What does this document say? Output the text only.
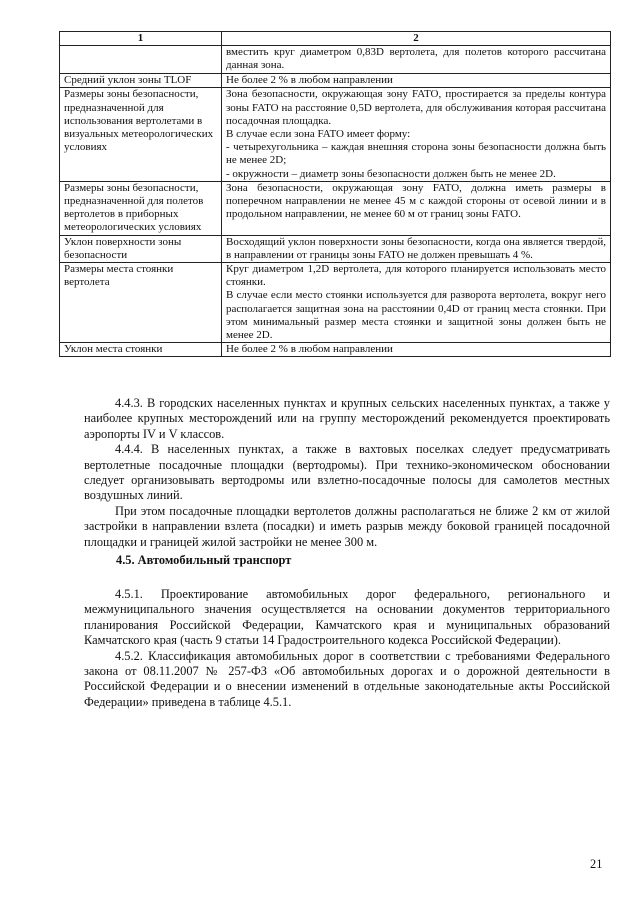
1	2
	вместить круг диаметром 0,83D вертолета, для полетов которого рассчитана данная зона.
Средний уклон зоны TLOF	Не более 2 % в любом направлении
Размеры зоны безопасности, предназначенной для использования вертолетами в визуальных метеорологических условиях	Зона безопасности, окружающая зону FATO, простирается за пределы контура зоны FATO на расстояние 0,5D вертолета, для обслуживания которая рассчитана посадочная площадка.
В случае если зона FATO имеет форму:
- четырехугольника – каждая внешняя сторона зоны безопасности должна быть не менее 2D;
- окружности – диаметр зоны безопасности должен быть не менее 2D.

Размеры зоны безопасности, предназначенной для полетов вертолетов в приборных метеорологических условиях	Зона безопасности, окружающая зону FATO, должна иметь размеры в поперечном направлении не менее 45 м с каждой стороны от осевой линии и в продольном направлении, не менее 60 м от границ зоны FATO.
Уклон поверхности зоны безопасности	Восходящий уклон поверхности зоны безопасности, когда она является твердой, в направлении от границы зоны FATO не должен превышать 4 %.
Размеры места стоянки вертолета	Круг диаметром 1,2D вертолета, для которого планируется использовать место стоянки.
В случае если место стоянки используется для разворота вертолета, вокруг него располагается защитная зона на расстоянии 0,4D от границ места стоянки. При этом минимальный размер места стоянки и защитной зоны должен быть не менее 2D.

Уклон места стоянки	Не более 2 % в любом направлении

4.4.3. В городских населенных пунктах и крупных сельских населенных пунктах, а также у наиболее крупных месторождений или на группу месторождений рекомендуется проектировать аэропорты IV и V классов.

4.4.4. В населенных пунктах, а также в вахтовых поселках следует предусматривать вертолетные посадочные площадки (вертодромы). При технико-экономическом обосновании следует организовывать вертодромы или взлетно-посадочные полосы для самолетов местных воздушных линий.

При этом посадочные площадки вертолетов должны располагаться не ближе 2 км от жилой застройки в направлении взлета (посадки) и иметь разрыв между боковой границей посадочной площадки и границей жилой застройки не менее 300 м.

4.5. Автомобильный транспорт

4.5.1. Проектирование автомобильных дорог федерального, регионального и межмуниципального значения осуществляется на основании документов территориального планирования Российской Федерации, Камчатского края и муниципальных образований Камчатского края (часть 9 статьи 14 Градостроительного кодекса Российской Федерации).

4.5.2. Классификация автомобильных дорог в соответствии с требованиями Федерального закона от 08.11.2007 № 257-ФЗ «Об автомобильных дорогах и о дорожной деятельности в Российской Федерации и о внесении изменений в отдельные законодательные акты Российской Федерации» приведена в таблице 4.5.1.

21
